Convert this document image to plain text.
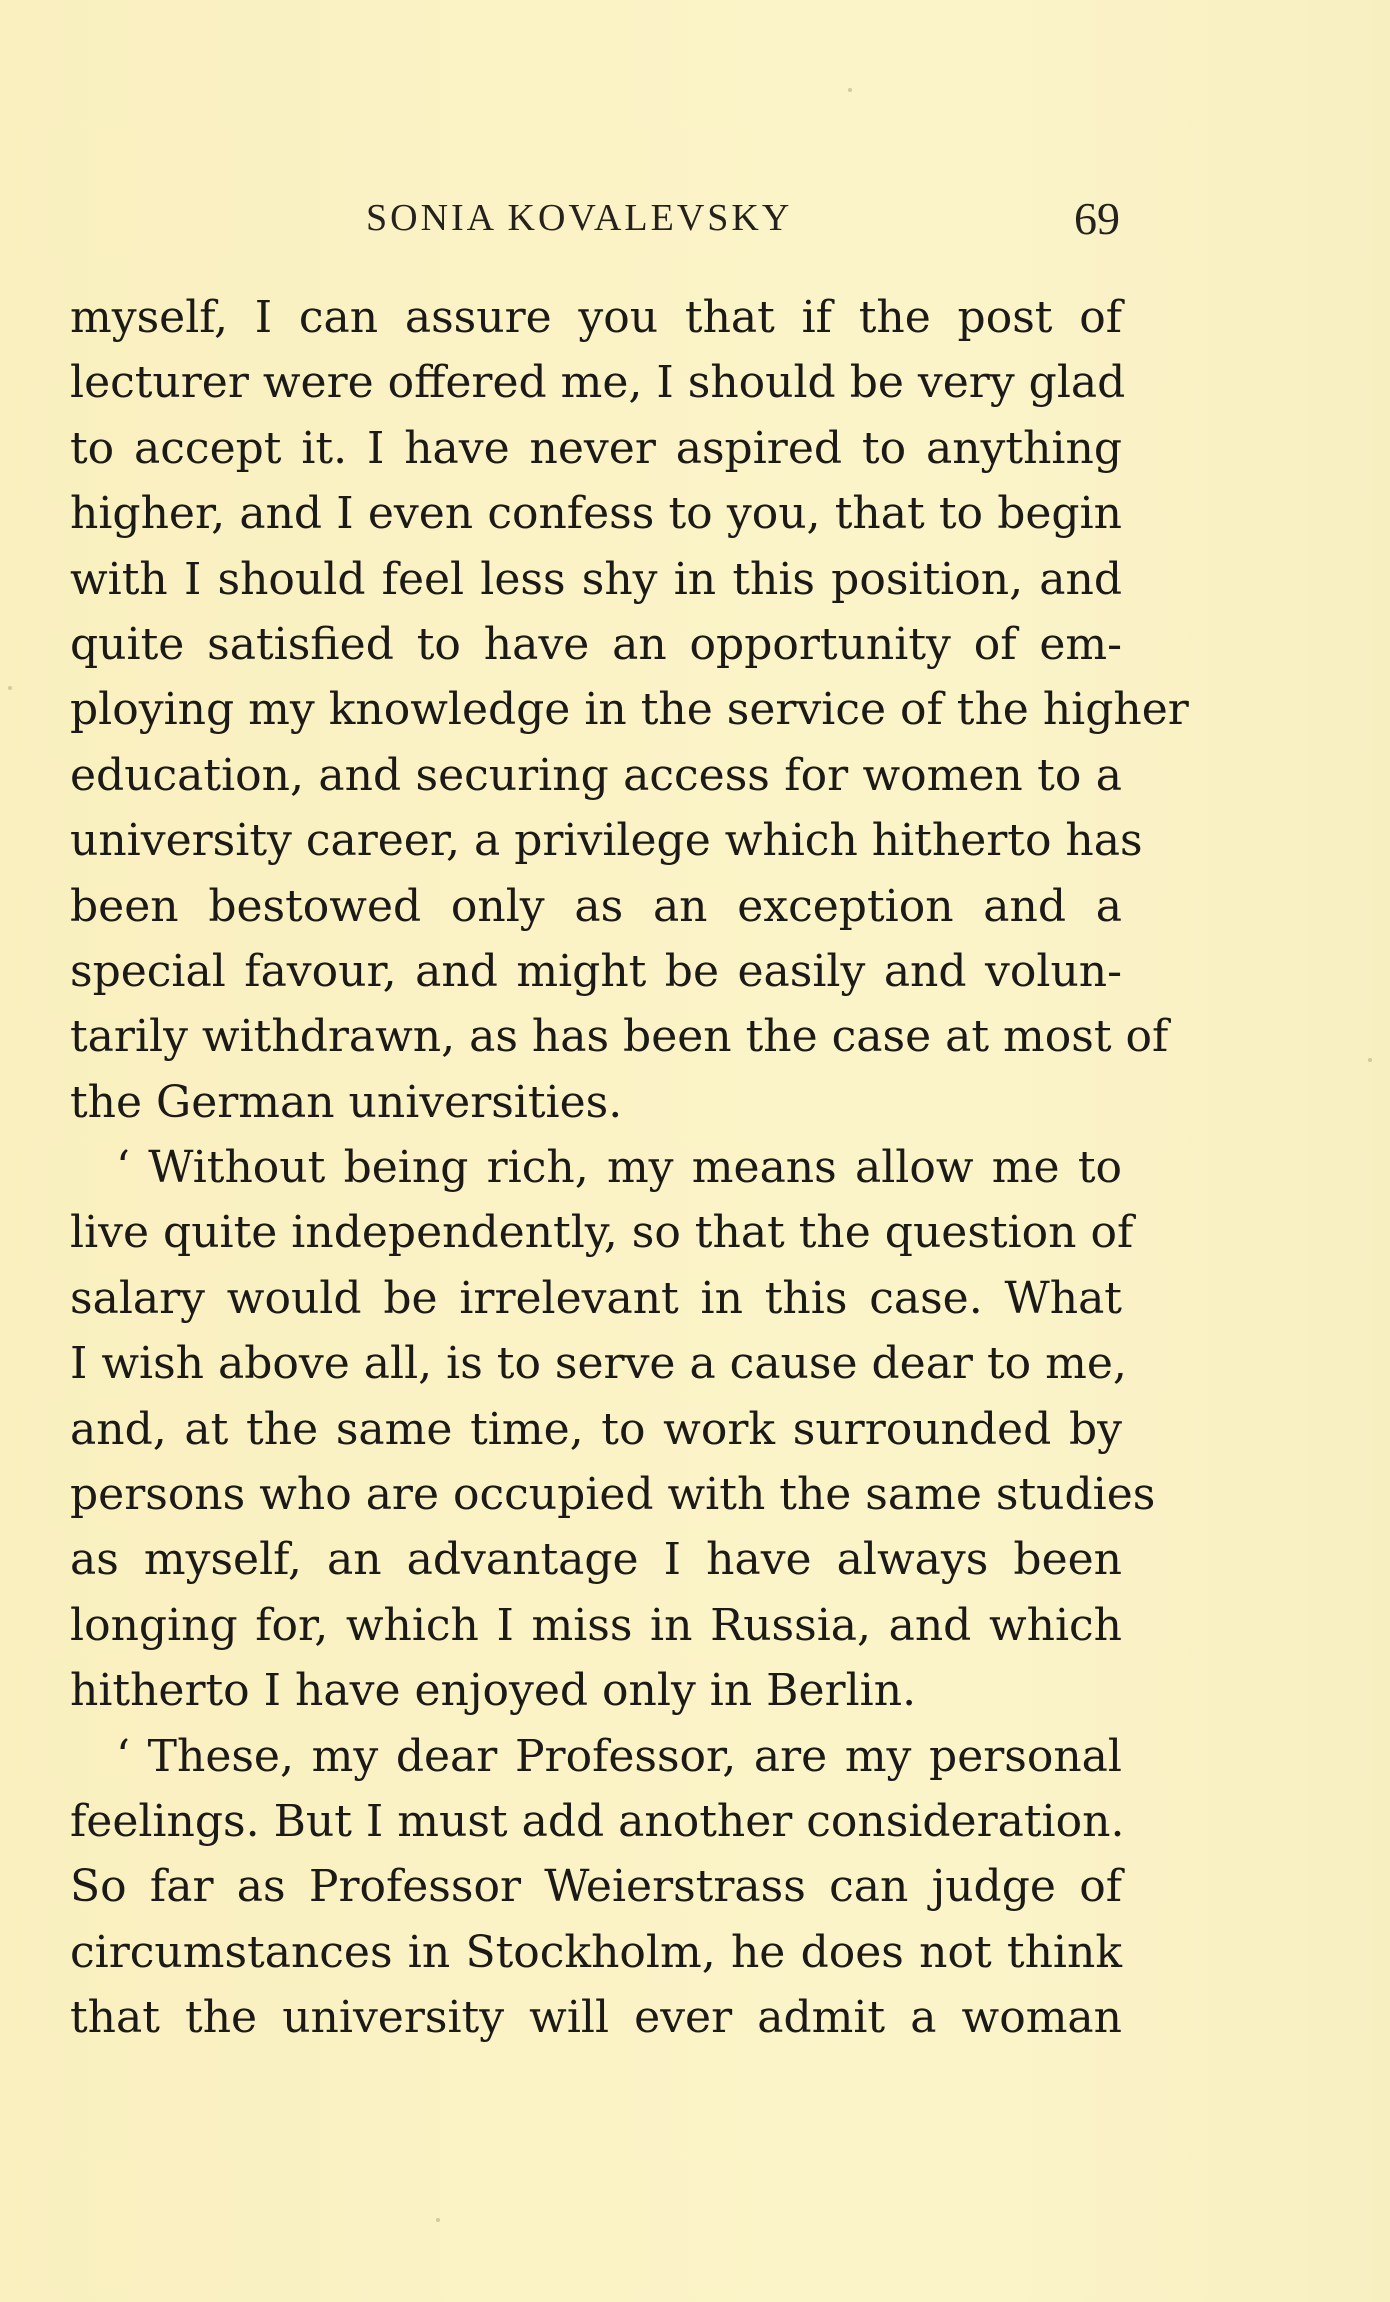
SONIA KOVALEVSKY	69
myself, I can assure you that if the post of
lecturer were offered me, I should be very glad
to accept it. I have never aspired to anything
higher, and I even confess to you, that to begin
with I should feel less shy in this position, and
quite satisfied to have an opportunity of em-
ploying my knowledge in the service of the higher
education, and securing access for women to a
university career, a privilege which hitherto has
been bestowed only as an exception and a
special favour, and might be easily and volun-
tarily withdrawn, as has been the case at most of
the German universities.
‘ Without being rich, my means allow me to
live quite independently, so that the question of
salary would be irrelevant in this case. What
I wish above all, is to serve a cause dear to me,
and, at the same time, to work surrounded by
persons who are occupied with the same studies
as myself, an advantage I have always been
longing for, which I miss in Russia, and which
hitherto I have enjoyed only in Berlin.
‘ These, my dear Professor, are my personal
feelings. But I must add another consideration.
So far as Professor Weierstrass can judge of
circumstances in Stockholm, he does not think
that the university will ever admit a woman
